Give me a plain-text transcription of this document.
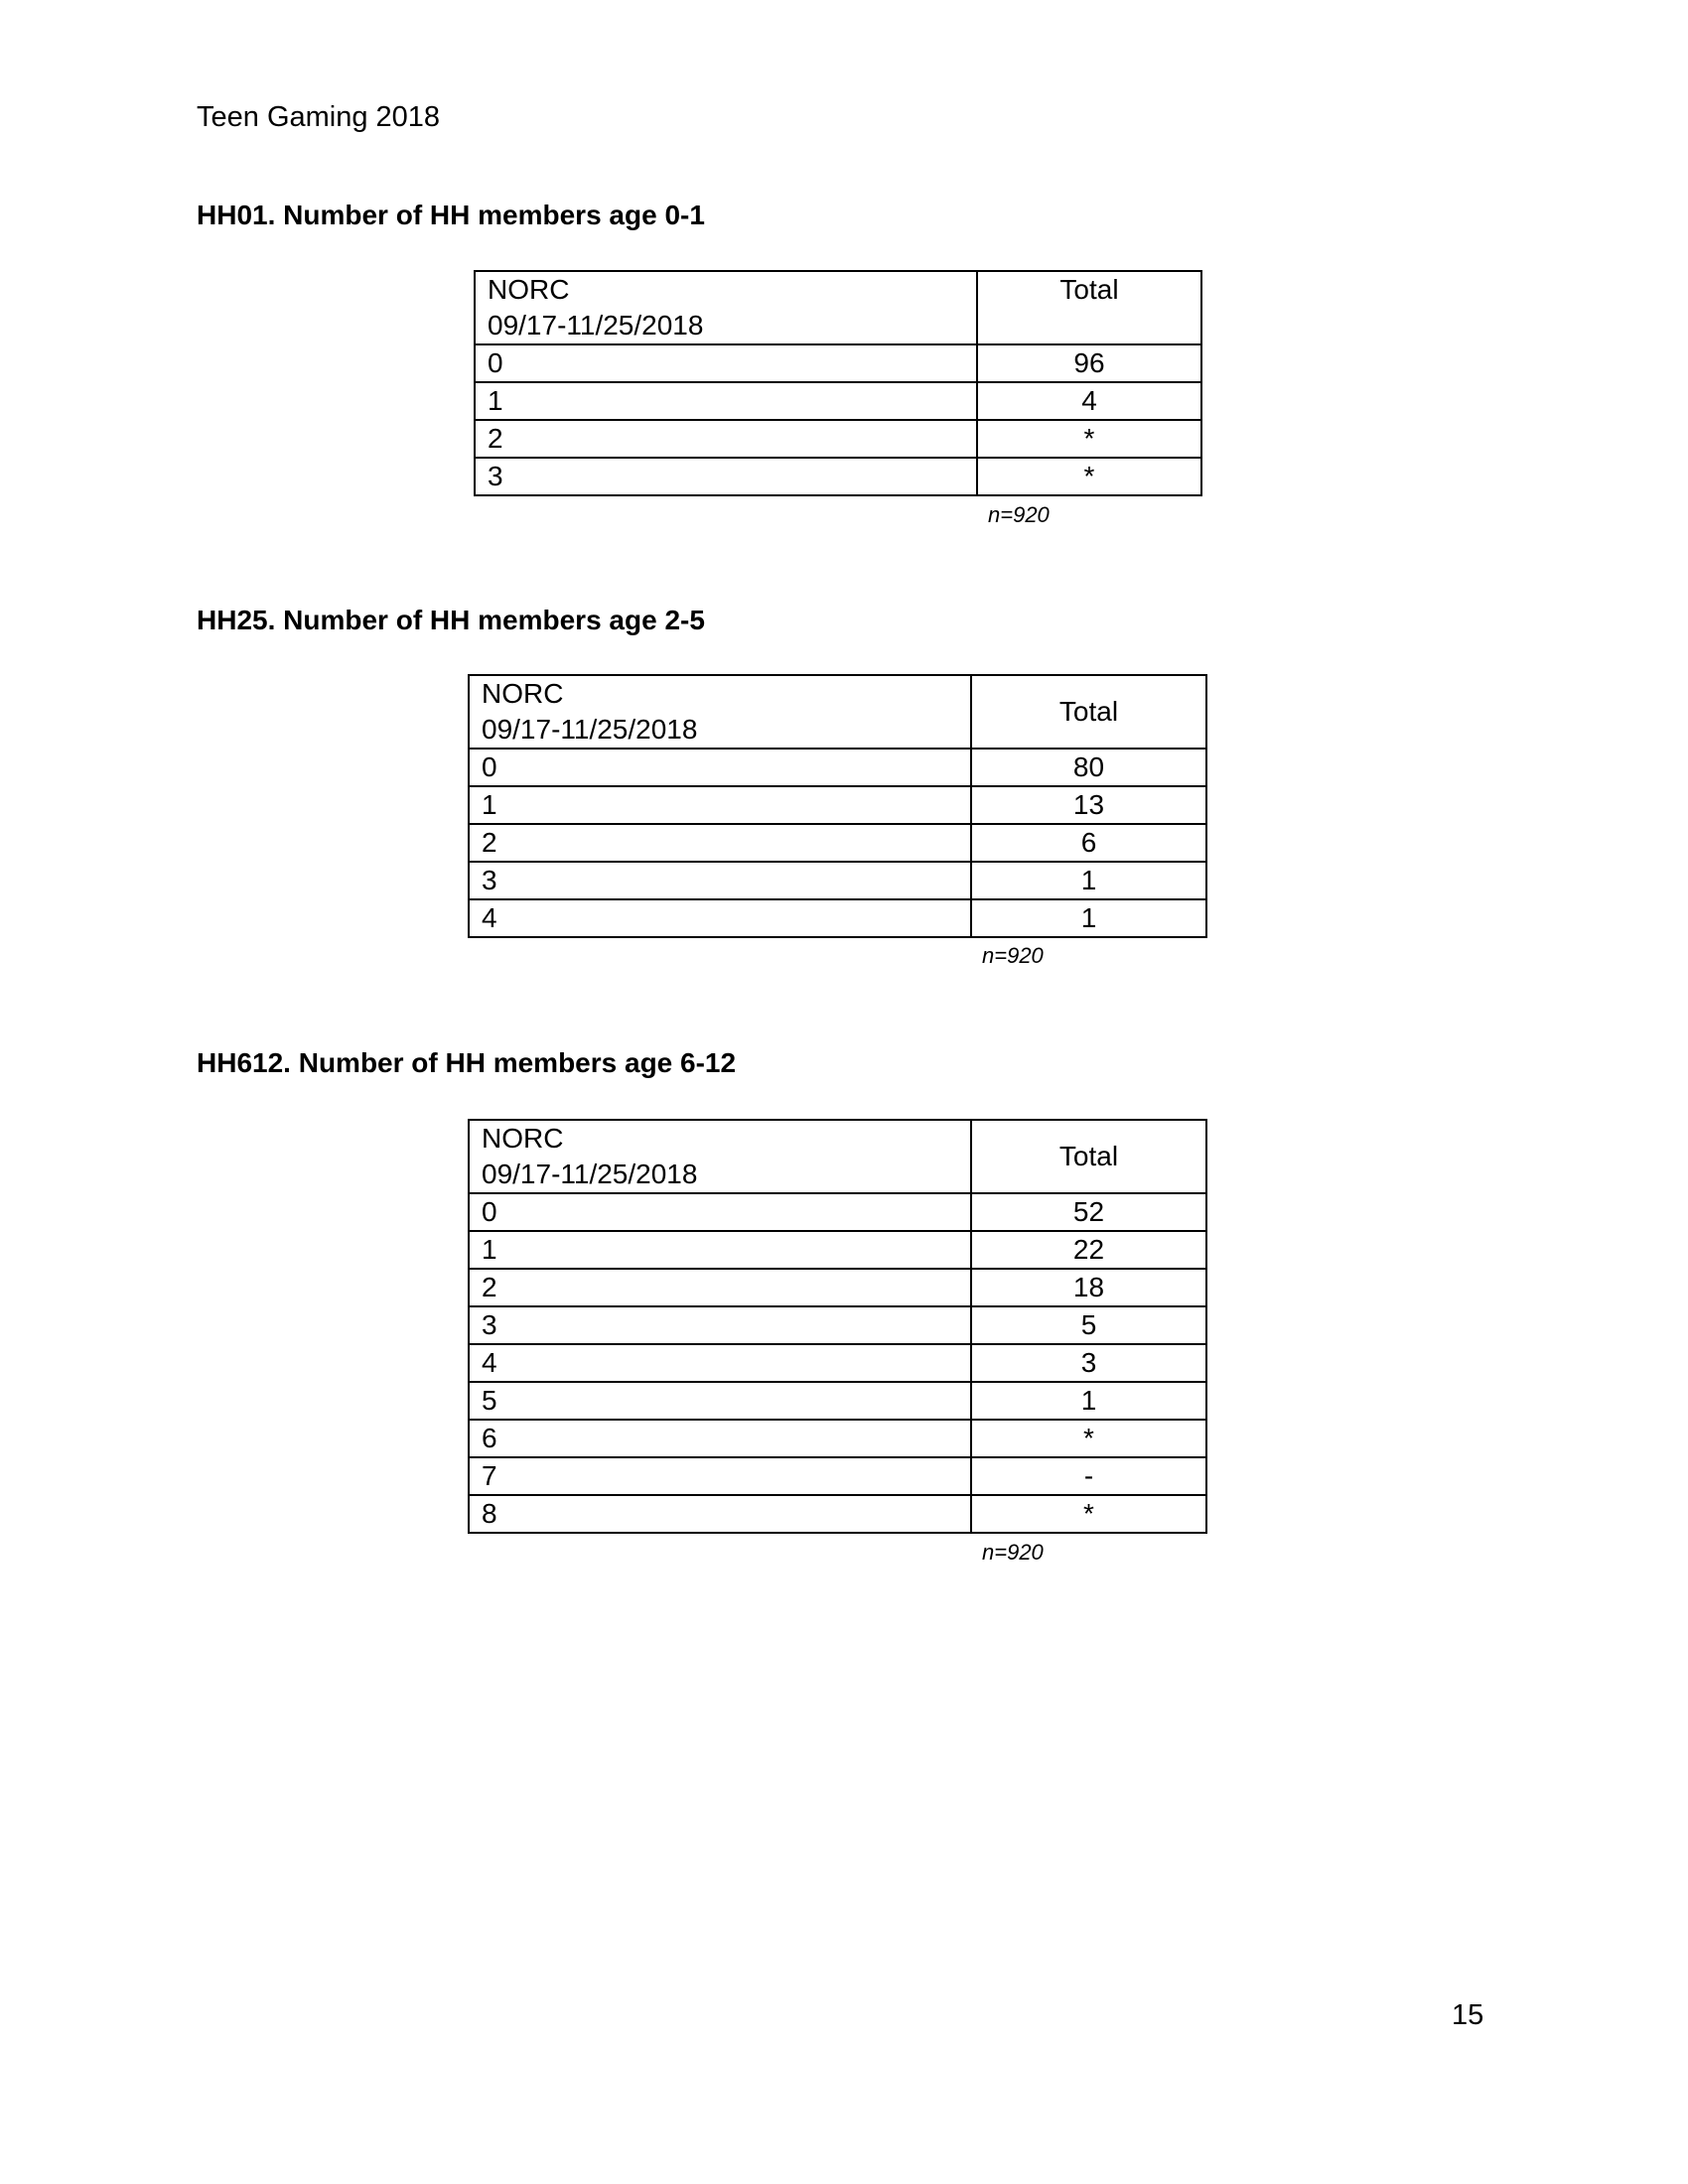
Teen Gaming 2018
HH01. Number of HH members age 0-1
NORC
09/17-11/25/2018	Total
0	96
1	4
2	*
3	*
n=920
HH25. Number of HH members age 2-5
NORC
09/17-11/25/2018	Total
0	80
1	13
2	6
3	1
4	1
n=920
HH612. Number of HH members age 6-12
NORC
09/17-11/25/2018	Total
0	52
1	22
2	18
3	5
4	3
5	1
6	*
7	-
8	*
n=920
15
